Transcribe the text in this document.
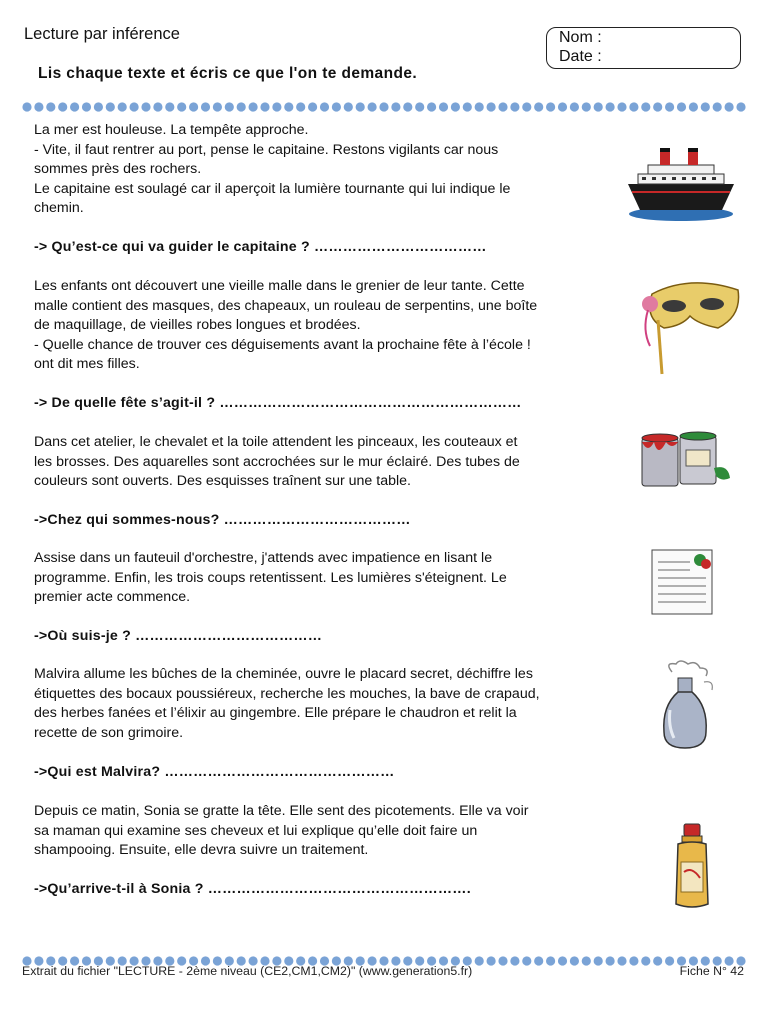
Lecture par inférence	Nom :
Date :
Lis chaque texte et écris ce que l'on te demande.

La mer est houleuse. La tempête approche.

- Vite, il faut rentrer au port, pense le capitaine. Restons vigilants car nous

sommes près des rochers.

Le capitaine est soulagé car il aperçoit la lumière tournante qui lui indique le

chemin.

-> Qu’est-ce qui va guider le capitaine ? ………………………………

Les enfants ont découvert une vieille malle dans le grenier de leur tante. Cette

malle contient des masques, des chapeaux, un rouleau de serpentins, une boîte

de maquillage, de vieilles robes longues et brodées.

- Quelle chance de trouver ces déguisements avant la prochaine fête à l’école !

ont dit mes filles.

-> De quelle fête s’agit-il ? ………………………………………………………

Dans cet atelier, le chevalet et la toile attendent les pinceaux, les couteaux et

les brosses. Des aquarelles sont accrochées sur le mur éclairé. Des tubes de

couleurs sont ouverts. Des esquisses traînent sur une table.

->Chez qui sommes-nous? …………………………………

Assise dans un fauteuil d'orchestre, j'attends avec impatience en lisant le

programme. Enfin, les trois coups retentissent. Les lumières s'éteignent. Le

premier acte commence.

->Où suis-je ? …………………………………

Malvira allume les bûches de la cheminée, ouvre le placard secret, déchiffre les

étiquettes des bocaux poussiéreux, recherche les mouches, la bave de crapaud,

des herbes fanées et l’élixir au gingembre. Elle prépare le chaudron et relit la

recette de son grimoire.

->Qui est Malvira? …………………………………………

Depuis ce matin, Sonia se gratte la tête. Elle sent des picotements. Elle va voir

sa maman qui examine ses cheveux et lui explique qu’elle doit faire un

shampooing. Ensuite, elle devra suivre un traitement.

->Qu’arrive-t-il à Sonia ? ……………………………………………….
Extrait du fichier "LECTURE - 2ème niveau (CE2,CM1,CM2)" (www.generation5.fr)	Fiche N° 42
